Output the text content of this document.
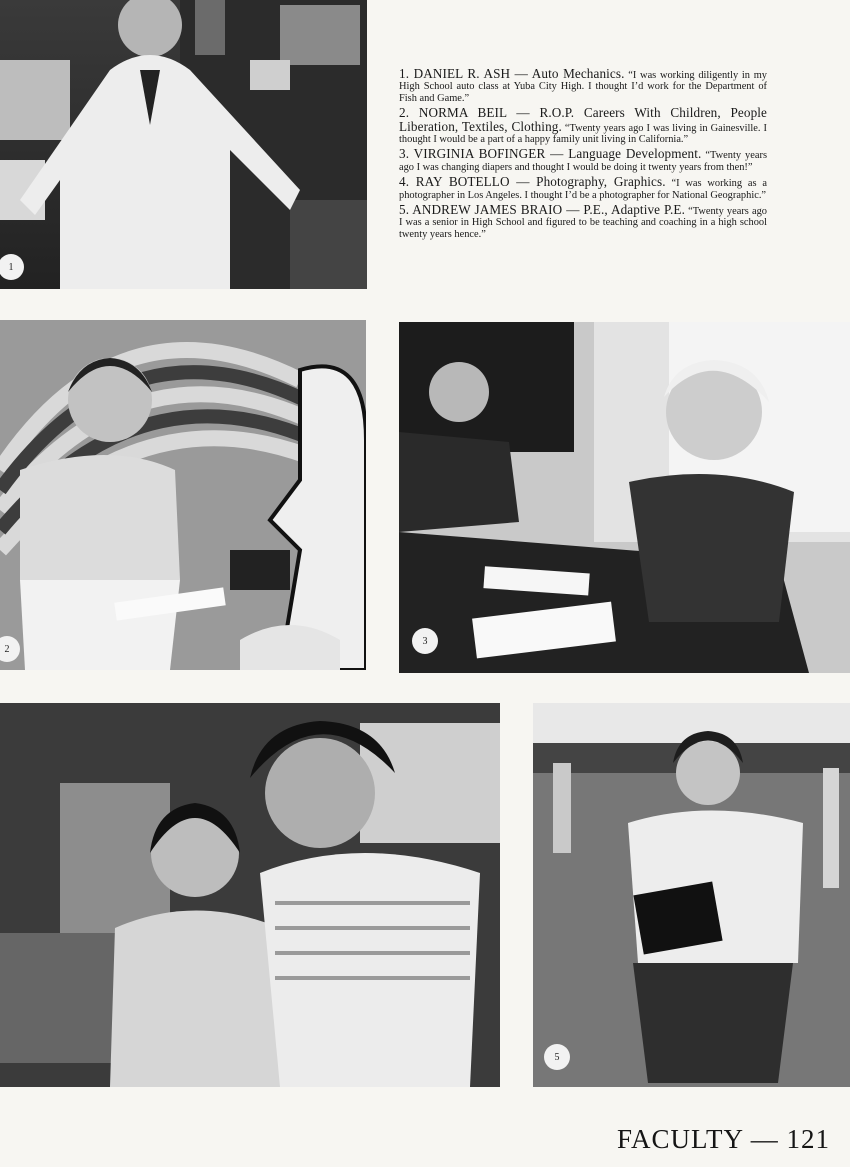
1
1. DANIEL R. ASH — Auto Mechanics. “I was working diligently in my High School auto class at Yuba City High. I thought I’d work for the Department of Fish and Game.”
2. NORMA BEIL — R.O.P. Careers With Children, People Liberation, Textiles, Clothing. “Twenty years ago I was living in Gainesville. I thought I would be a part of a happy family unit living in California.”
3. VIRGINIA BOFINGER — Language Development. “Twenty years ago I was changing diapers and thought I would be doing it twenty years from then!”
4. RAY BOTELLO — Photography, Graphics. “I was working as a photographer in Los Angeles. I thought I’d be a photographer for National Geographic.”
5. ANDREW JAMES BRAIO — P.E., Adaptive P.E. “Twenty years ago I was a senior in High School and figured to be teaching and coaching in a high school twenty years hence.”
2
3
5
FACULTY — 121
